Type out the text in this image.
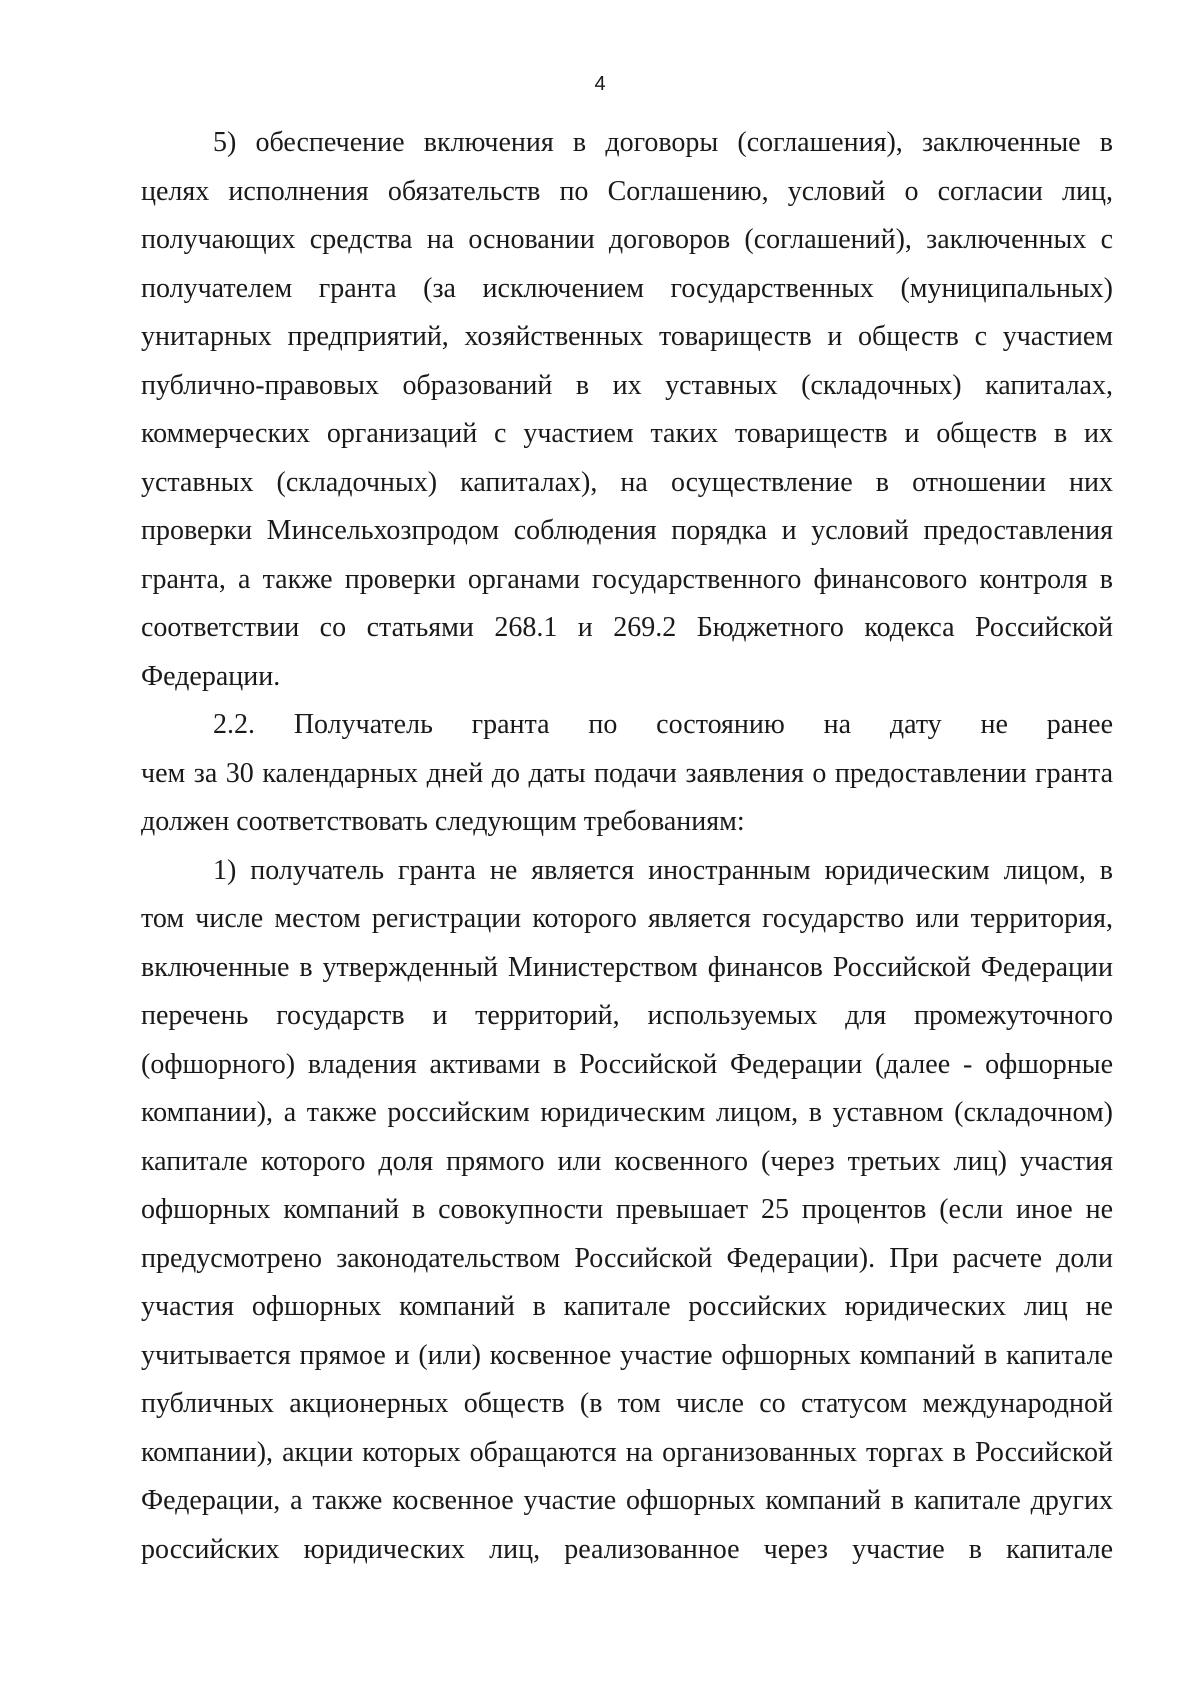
4
5) обеспечение включения в договоры (соглашения), заключенные в
целях исполнения обязательств по Соглашению, условий о согласии лиц,
получающих средства на основании договоров (соглашений), заключенных с
получателем гранта (за исключением государственных (муниципальных)
унитарных предприятий, хозяйственных товариществ и обществ с участием
публично-правовых образований в их уставных (складочных) капиталах,
коммерческих организаций с участием таких товариществ и обществ в их
уставных (складочных) капиталах), на осуществление в отношении них
проверки Минсельхозпродом соблюдения порядка и условий предоставления
гранта, а также проверки органами государственного финансового контроля в
соответствии со статьями 268.1 и 269.2 Бюджетного кодекса Российской
Федерации.
2.2. Получатель гранта по состоянию на дату не ранее
чем за 30 календарных дней до даты подачи заявления о предоставлении гранта
должен соответствовать следующим требованиям:
1) получатель гранта не является иностранным юридическим лицом, в
том числе местом регистрации которого является государство или территория,
включенные в утвержденный Министерством финансов Российской Федерации
перечень государств и территорий, используемых для промежуточного
(офшорного) владения активами в Российской Федерации (далее - офшорные
компании), а также российским юридическим лицом, в уставном (складочном)
капитале которого доля прямого или косвенного (через третьих лиц) участия
офшорных компаний в совокупности превышает 25 процентов (если иное не
предусмотрено законодательством Российской Федерации). При расчете доли
участия офшорных компаний в капитале российских юридических лиц не
учитывается прямое и (или) косвенное участие офшорных компаний в капитале
публичных акционерных обществ (в том числе со статусом международной
компании), акции которых обращаются на организованных торгах в Российской
Федерации, а также косвенное участие офшорных компаний в капитале других
российских юридических лиц, реализованное через участие в капитале
